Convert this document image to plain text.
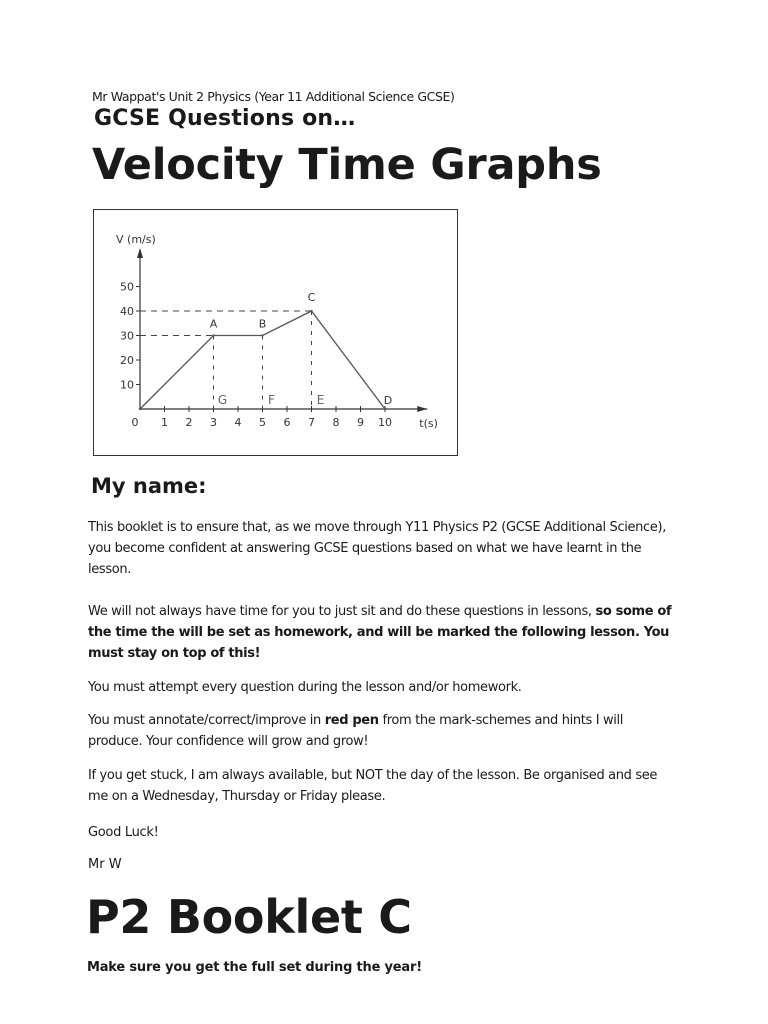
Mr Wappat's Unit 2 Physics (Year 11 Additional Science GCSE)
GCSE Questions on…
Velocity Time Graphs
V (m/s)
t(s)
10
20
30
40
50
0 1 2 3 4 5 6 7 8 9 10
A	B
C
D
G	F	E
My name:
This booklet is to ensure that, as we move through Y11 Physics P2 (GCSE Additional Science), you become confident at answering GCSE questions based on what we have learnt in the lesson.
We will not always have time for you to just sit and do these questions in lessons, so some of the time the will be set as homework, and will be marked the following lesson. You must stay on top of this!
You must attempt every question during the lesson and/or homework.
You must annotate/correct/improve in red pen from the mark-schemes and hints I will produce. Your confidence will grow and grow!
If you get stuck, I am always available, but NOT the day of the lesson. Be organised and see me on a Wednesday, Thursday or Friday please.
Good Luck!
Mr W
P2 Booklet C
Make sure you get the full set during the year!
